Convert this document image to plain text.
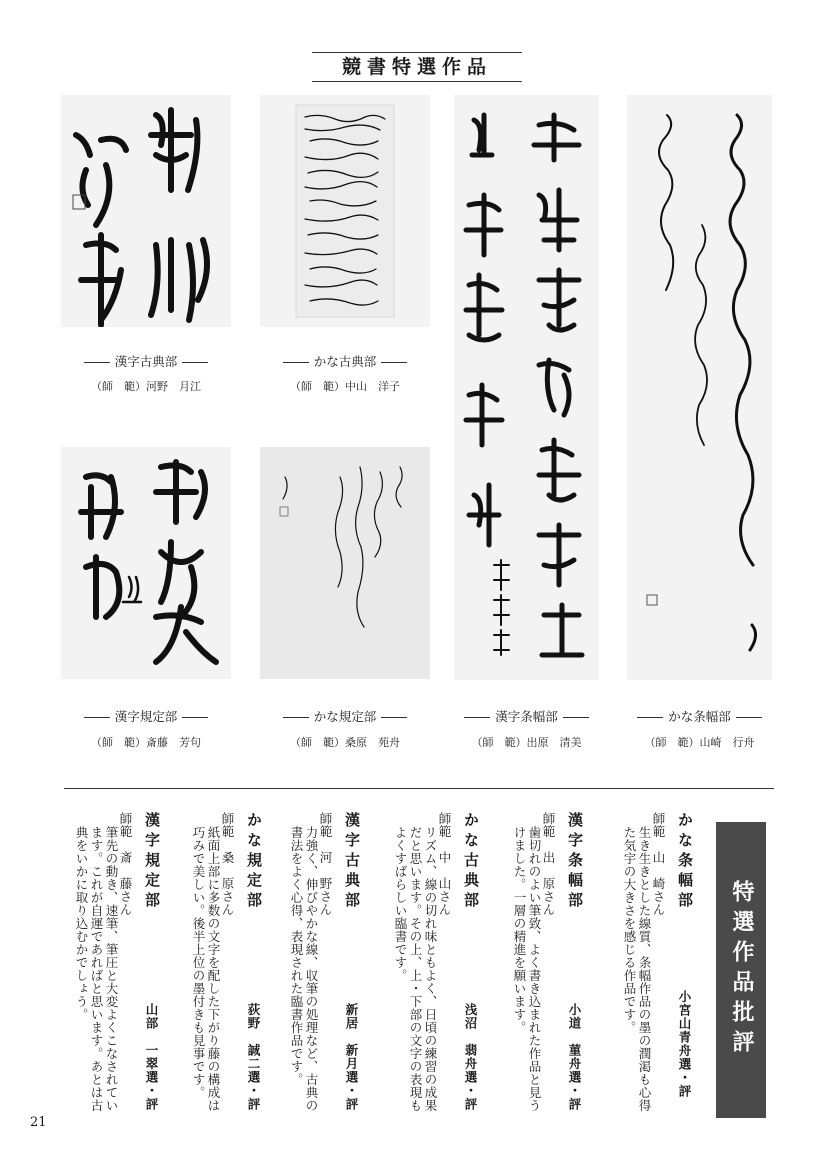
競書特選作品
漢字古典部
（師　範）河野　月江
かな古典部
（師　範）中山　洋子
漢字規定部
（師　範）斎藤　芳句
かな規定部
（師　範）桑原　苑舟
漢字条幅部
（師　範）出原　清美
かな条幅部
（師　範）山崎　行舟
特選作品批評
かな条幅部
師範　山　崎さん
生き生きとした線質、条幅作品の墨の潤渇も心得た気宇の大きさを感じる作品です。
小宮山青舟選・評
漢字条幅部
師範　出　原さん
歯切れのよい筆致、よく書き込まれた作品と見うけました。一層の精進を願います。
小道　菫舟選・評
かな古典部
師範　中　山さん
リズム、線の切れ味ともよく、日頃の練習の成果だと思います。その上、上・下部の文字の表現もよくすばらしい臨書です。
浅沼　翡舟選・評
漢字古典部
師範　河　野さん
力強く、伸びやかな線、収筆の処理など、古典の書法をよく心得、表現された臨書作品です。	新居　新月選・評
かな規定部
師範　桑　原さん
紙面上部に多数の文字を配した下がり藤の構成は巧みで美しい。後半上位の墨付きも見事です。	荻野　誠二選・評
漢字規定部
師範　斎　藤さん
筆先の動き、速筆、筆圧と大変よくこなされています。これが自運であればと思います。あとは古典をいかに取り込むかでしょう。
山部　一翠選・評
21
